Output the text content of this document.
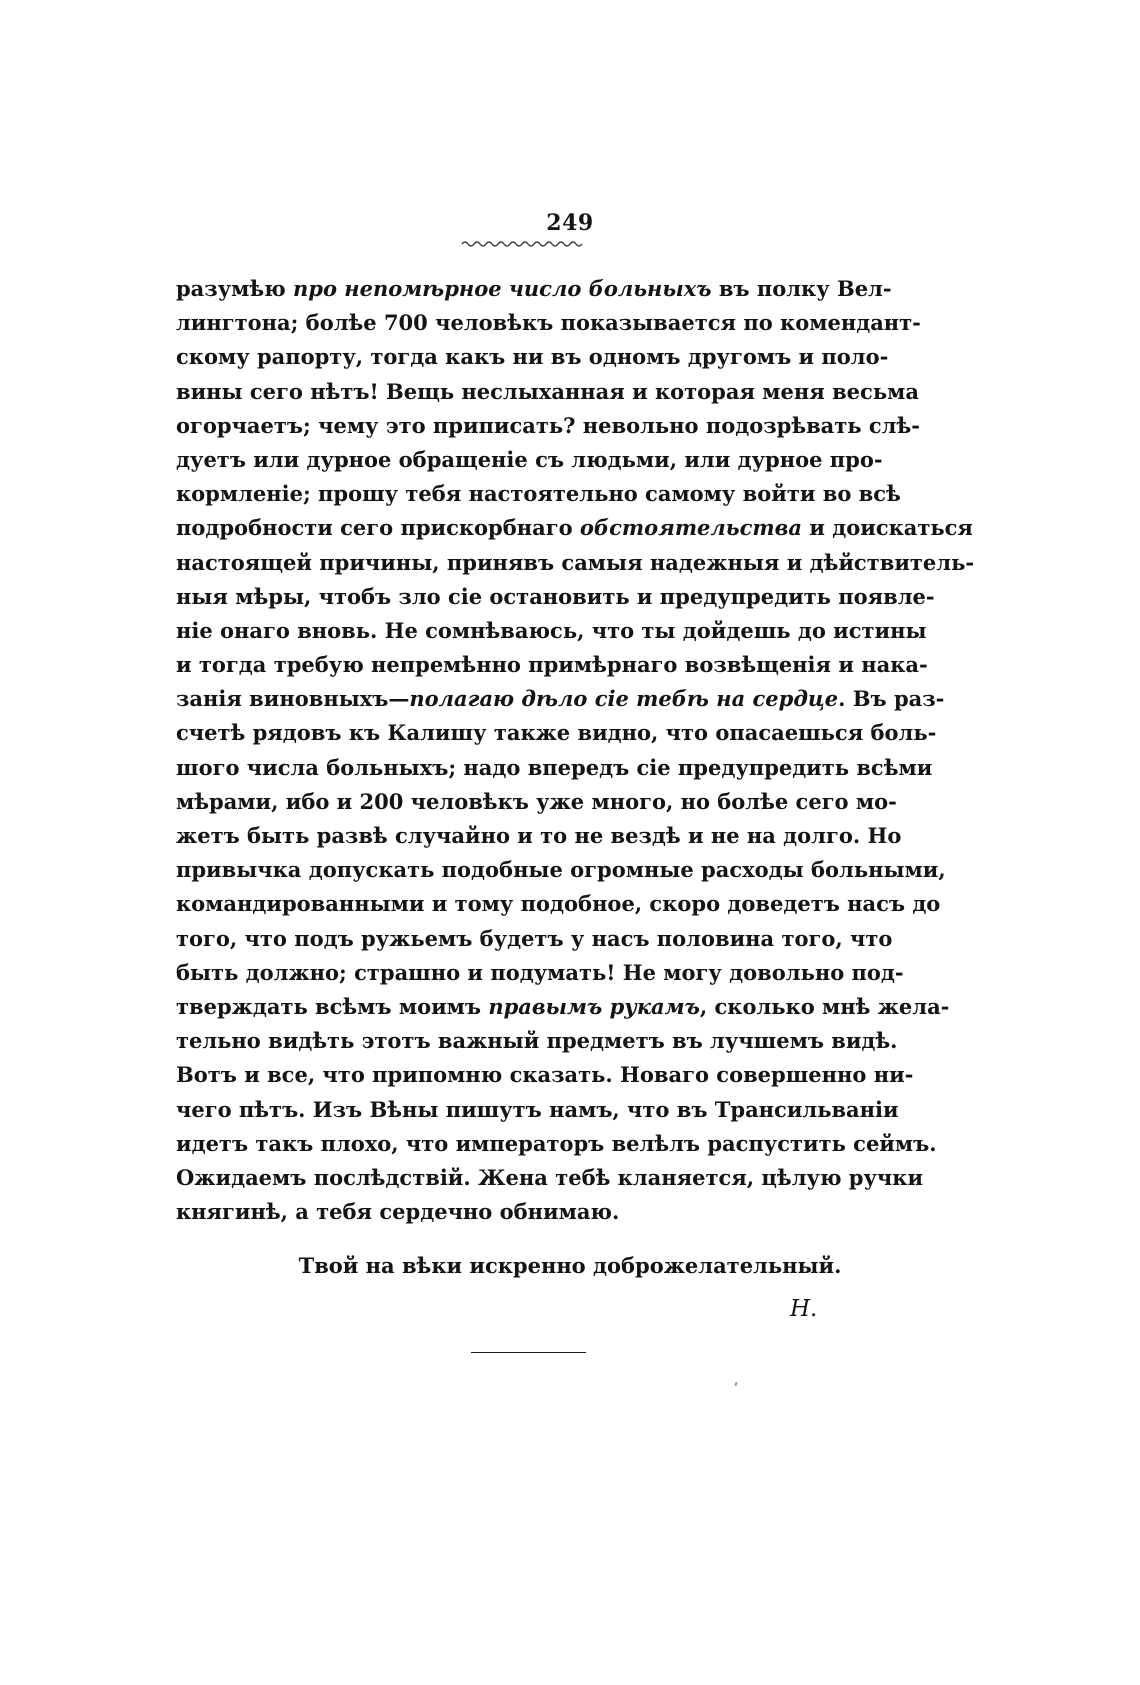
249
разумѣю про непомѣрное число больныхъ въ полку Вел-
лингтона; болѣе 700 человѣкъ показывается по комендант-
скому рапорту, тогда какъ ни въ одномъ другомъ и поло-
вины сего нѣтъ! Вещь неслыханная и которая меня весьма
огорчаетъ; чему это приписать? невольно подозрѣвать слѣ-
дуетъ или дурное обращеніе съ людьми, или дурное про-
кормленіе; прошу тебя настоятельно самому войти во всѣ
подробности сего прискорбнаго обстоятельства и доискаться
настоящей причины, принявъ самыя надежныя и дѣйствитель-
ныя мѣры, чтобъ зло сіе остановить и предупредить появле-
ніе онаго вновь. Не сомнѣваюсь, что ты дойдешь до истины
и тогда требую непремѣнно примѣрнаго возвѣщенія и нака-
занія виновныхъ—полагаю дѣло сіе тебѣ на сердце. Въ раз-
счетѣ рядовъ къ Калишу также видно, что опасаешься боль-
шого числа больныхъ; надо впередъ сіе предупредить всѣми
мѣрами, ибо и 200 человѣкъ уже много, но болѣе сего мо-
жетъ быть развѣ случайно и то не вездѣ и не на долго. Но
привычка допускать подобные огромные расходы больными,
командированными и тому подобное, скоро доведетъ насъ до
того, что подъ ружьемъ будетъ у насъ половина того, что
быть должно; страшно и подумать! Не могу довольно под-
тверждать всѣмъ моимъ правымъ рукамъ, сколько мнѣ жела-
тельно видѣть этотъ важный предметъ въ лучшемъ видѣ.
Вотъ и все, что припомню сказать. Новаго совершенно ни-
чего пѣтъ. Изъ Вѣны пишутъ намъ, что въ Трансильваніи
идетъ такъ плохо, что императоръ велѣлъ распустить сеймъ.
Ожидаемъ послѣдствій. Жена тебѣ кланяется, цѣлую ручки
княгинѣ, а тебя сердечно обнимаю.
Твой на вѣки искренно доброжелательный.
Н.
